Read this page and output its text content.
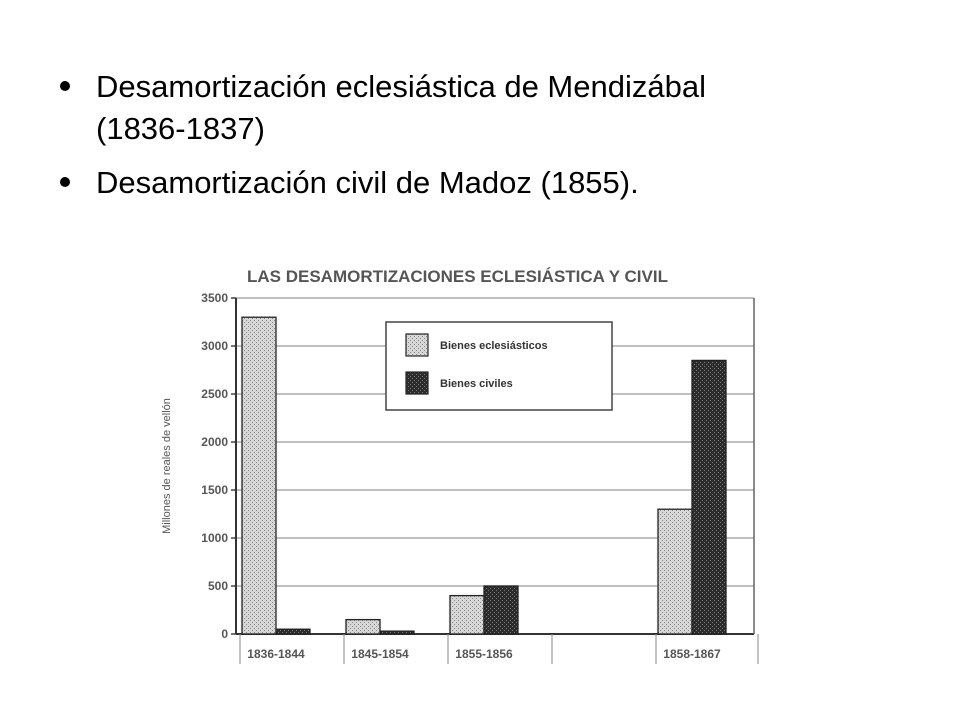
Desamortización eclesiástica de Mendizábal
(1836-1837)
Desamortización civil de Madoz (1855).
LAS DESAMORTIZACIONES ECLESIÁSTICA Y CIVIL
1836-1844	1845-1854	1855-1856	1858-1867
0
500
1000
1500
2000
2500
3000
3500
Millones de reales de vellón
Bienes eclesiásticos
Bienes civiles
